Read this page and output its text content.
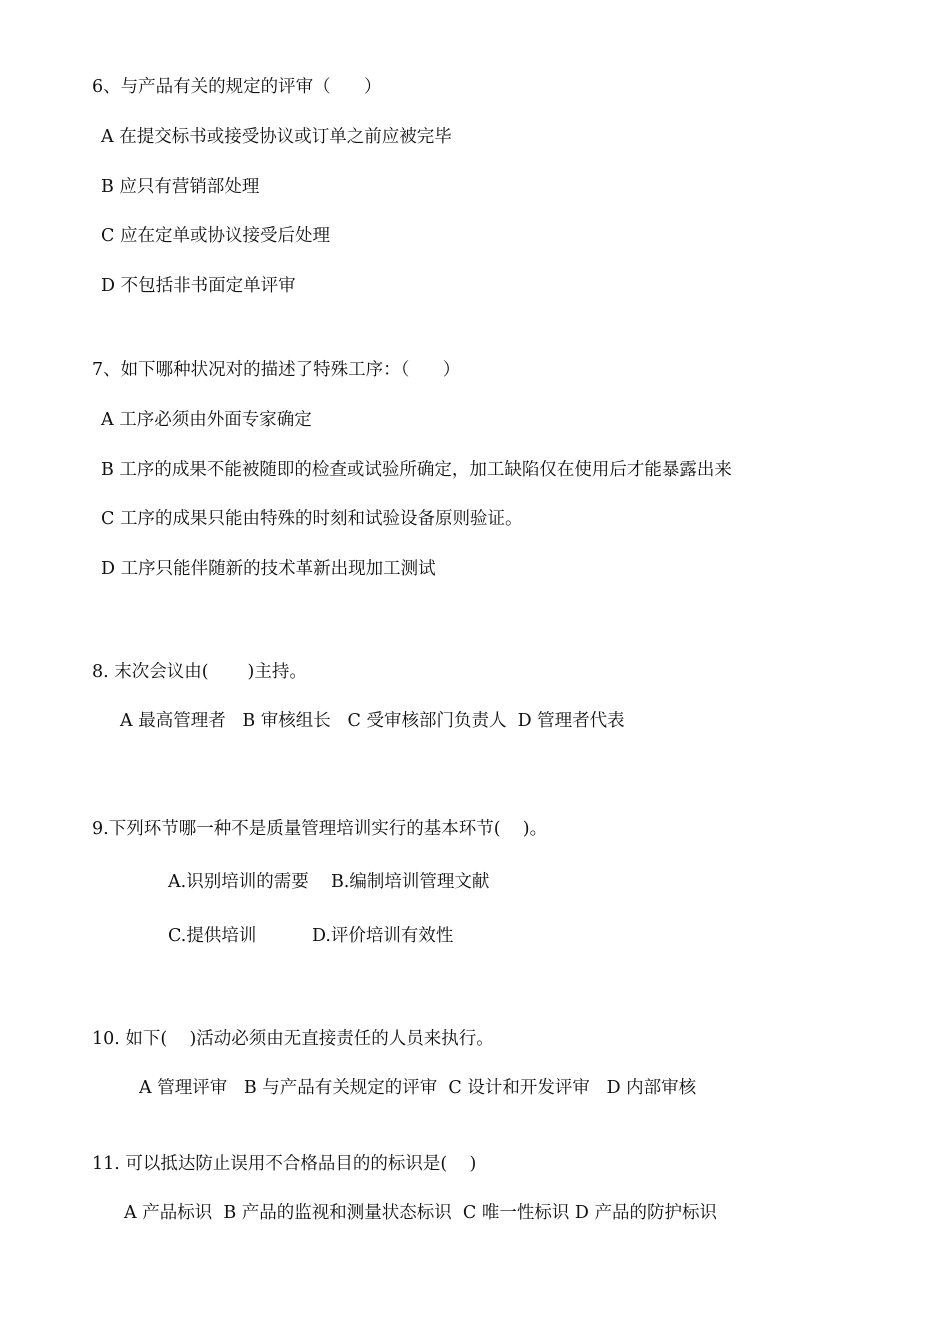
6、与产品有关的规定的评审（      ）
A 在提交标书或接受协议或订单之前应被完毕
B 应只有营销部处理
C 应在定单或协议接受后处理
D 不包括非书面定单评审
7、如下哪种状况对的描述了特殊工序：（      ）
A 工序必须由外面专家确定
B 工序的成果不能被随即的检查或试验所确定，加工缺陷仅在使用后才能暴露出来
C 工序的成果只能由特殊的时刻和试验设备原则验证。
D 工序只能伴随新的技术革新出现加工测试
8. 末次会议由(       )主持。
A 最高管理者   B 审核组长   C 受审核部门负责人  D 管理者代表
9.下列环节哪一种不是质量管理培训实行的基本环节(    )。
A.识别培训的需要    B.编制培训管理文献
C.提供培训          D.评价培训有效性
10. 如下(    )活动必须由无直接责任的人员来执行。
A 管理评审   B 与产品有关规定的评审  C 设计和开发评审   D 内部审核
11. 可以抵达防止误用不合格品目的的标识是(    )
A 产品标识  B 产品的监视和测量状态标识  C 唯一性标识 D 产品的防护标识
